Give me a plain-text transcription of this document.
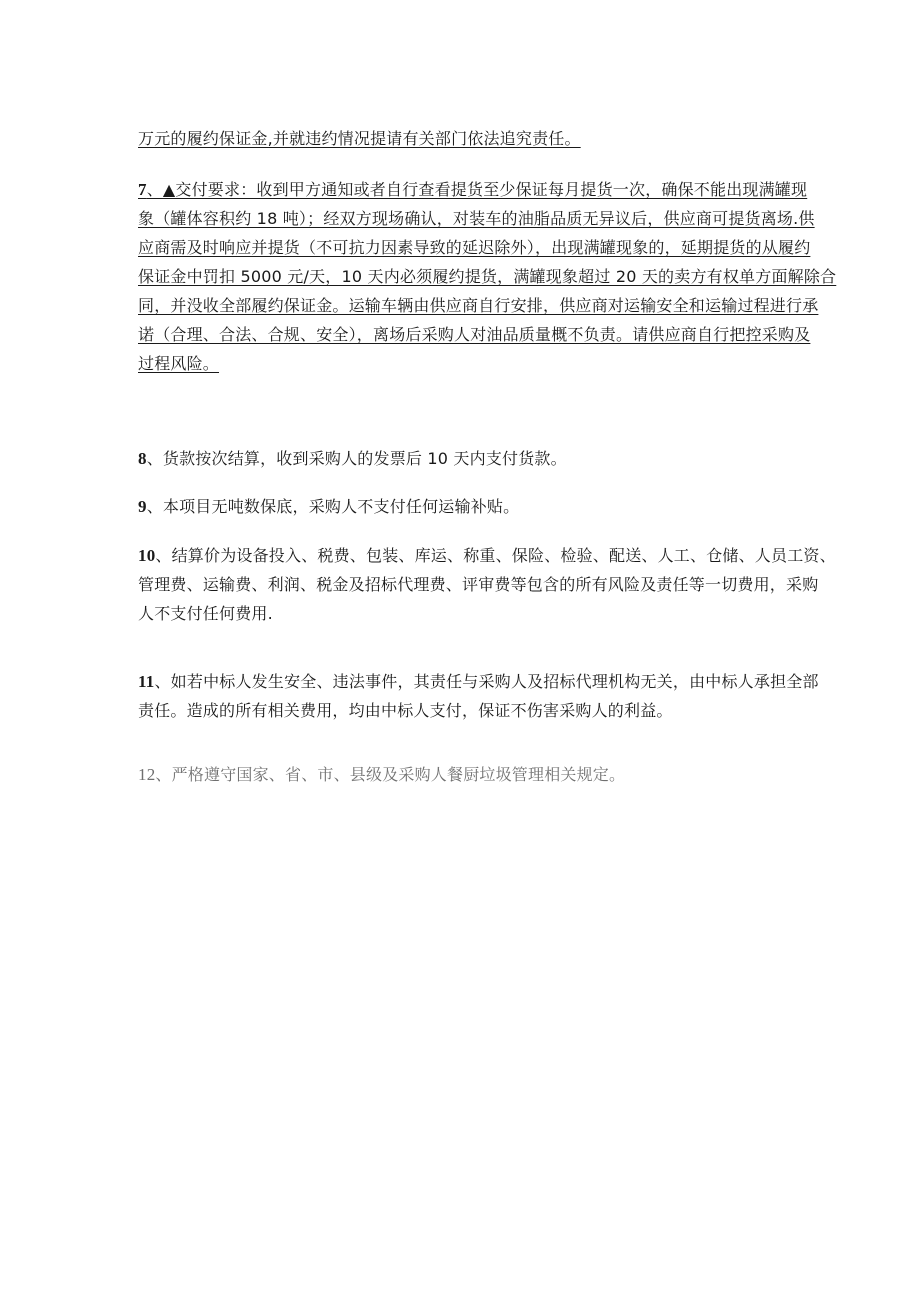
万元的履约保证金,并就违约情况提请有关部门依法追究责任。

7、▲交付要求：收到甲方通知或者自行查看提货至少保证每月提货一次，确保不能出现满罐现
象（罐体容积约 18 吨）；经双方现场确认，对装车的油脂品质无异议后，供应商可提货离场.供
应商需及时响应并提货（不可抗力因素导致的延迟除外），出现满罐现象的，延期提货的从履约
保证金中罚扣 5000 元/天，10 天内必须履约提货，满罐现象超过 20 天的卖方有权单方面解除合
同，并没收全部履约保证金。运输车辆由供应商自行安排，供应商对运输安全和运输过程进行承
诺（合理、合法、合规、安全），离场后采购人对油品质量概不负责。请供应商自行把控采购及
过程风险。

8、货款按次结算，收到采购人的发票后 10 天内支付货款。

9、本项目无吨数保底，采购人不支付任何运输补贴。

10、结算价为设备投入、税费、包装、库运、称重、保险、检验、配送、人工、仓储、人员工资、
管理费、运输费、利润、税金及招标代理费、评审费等包含的所有风险及责任等一切费用，采购
人不支付任何费用.

11、如若中标人发生安全、违法事件，其责任与采购人及招标代理机构无关，由中标人承担全部
责任。造成的所有相关费用，均由中标人支付，保证不伤害采购人的利益。

12、严格遵守国家、省、市、县级及采购人餐厨垃圾管理相关规定。
